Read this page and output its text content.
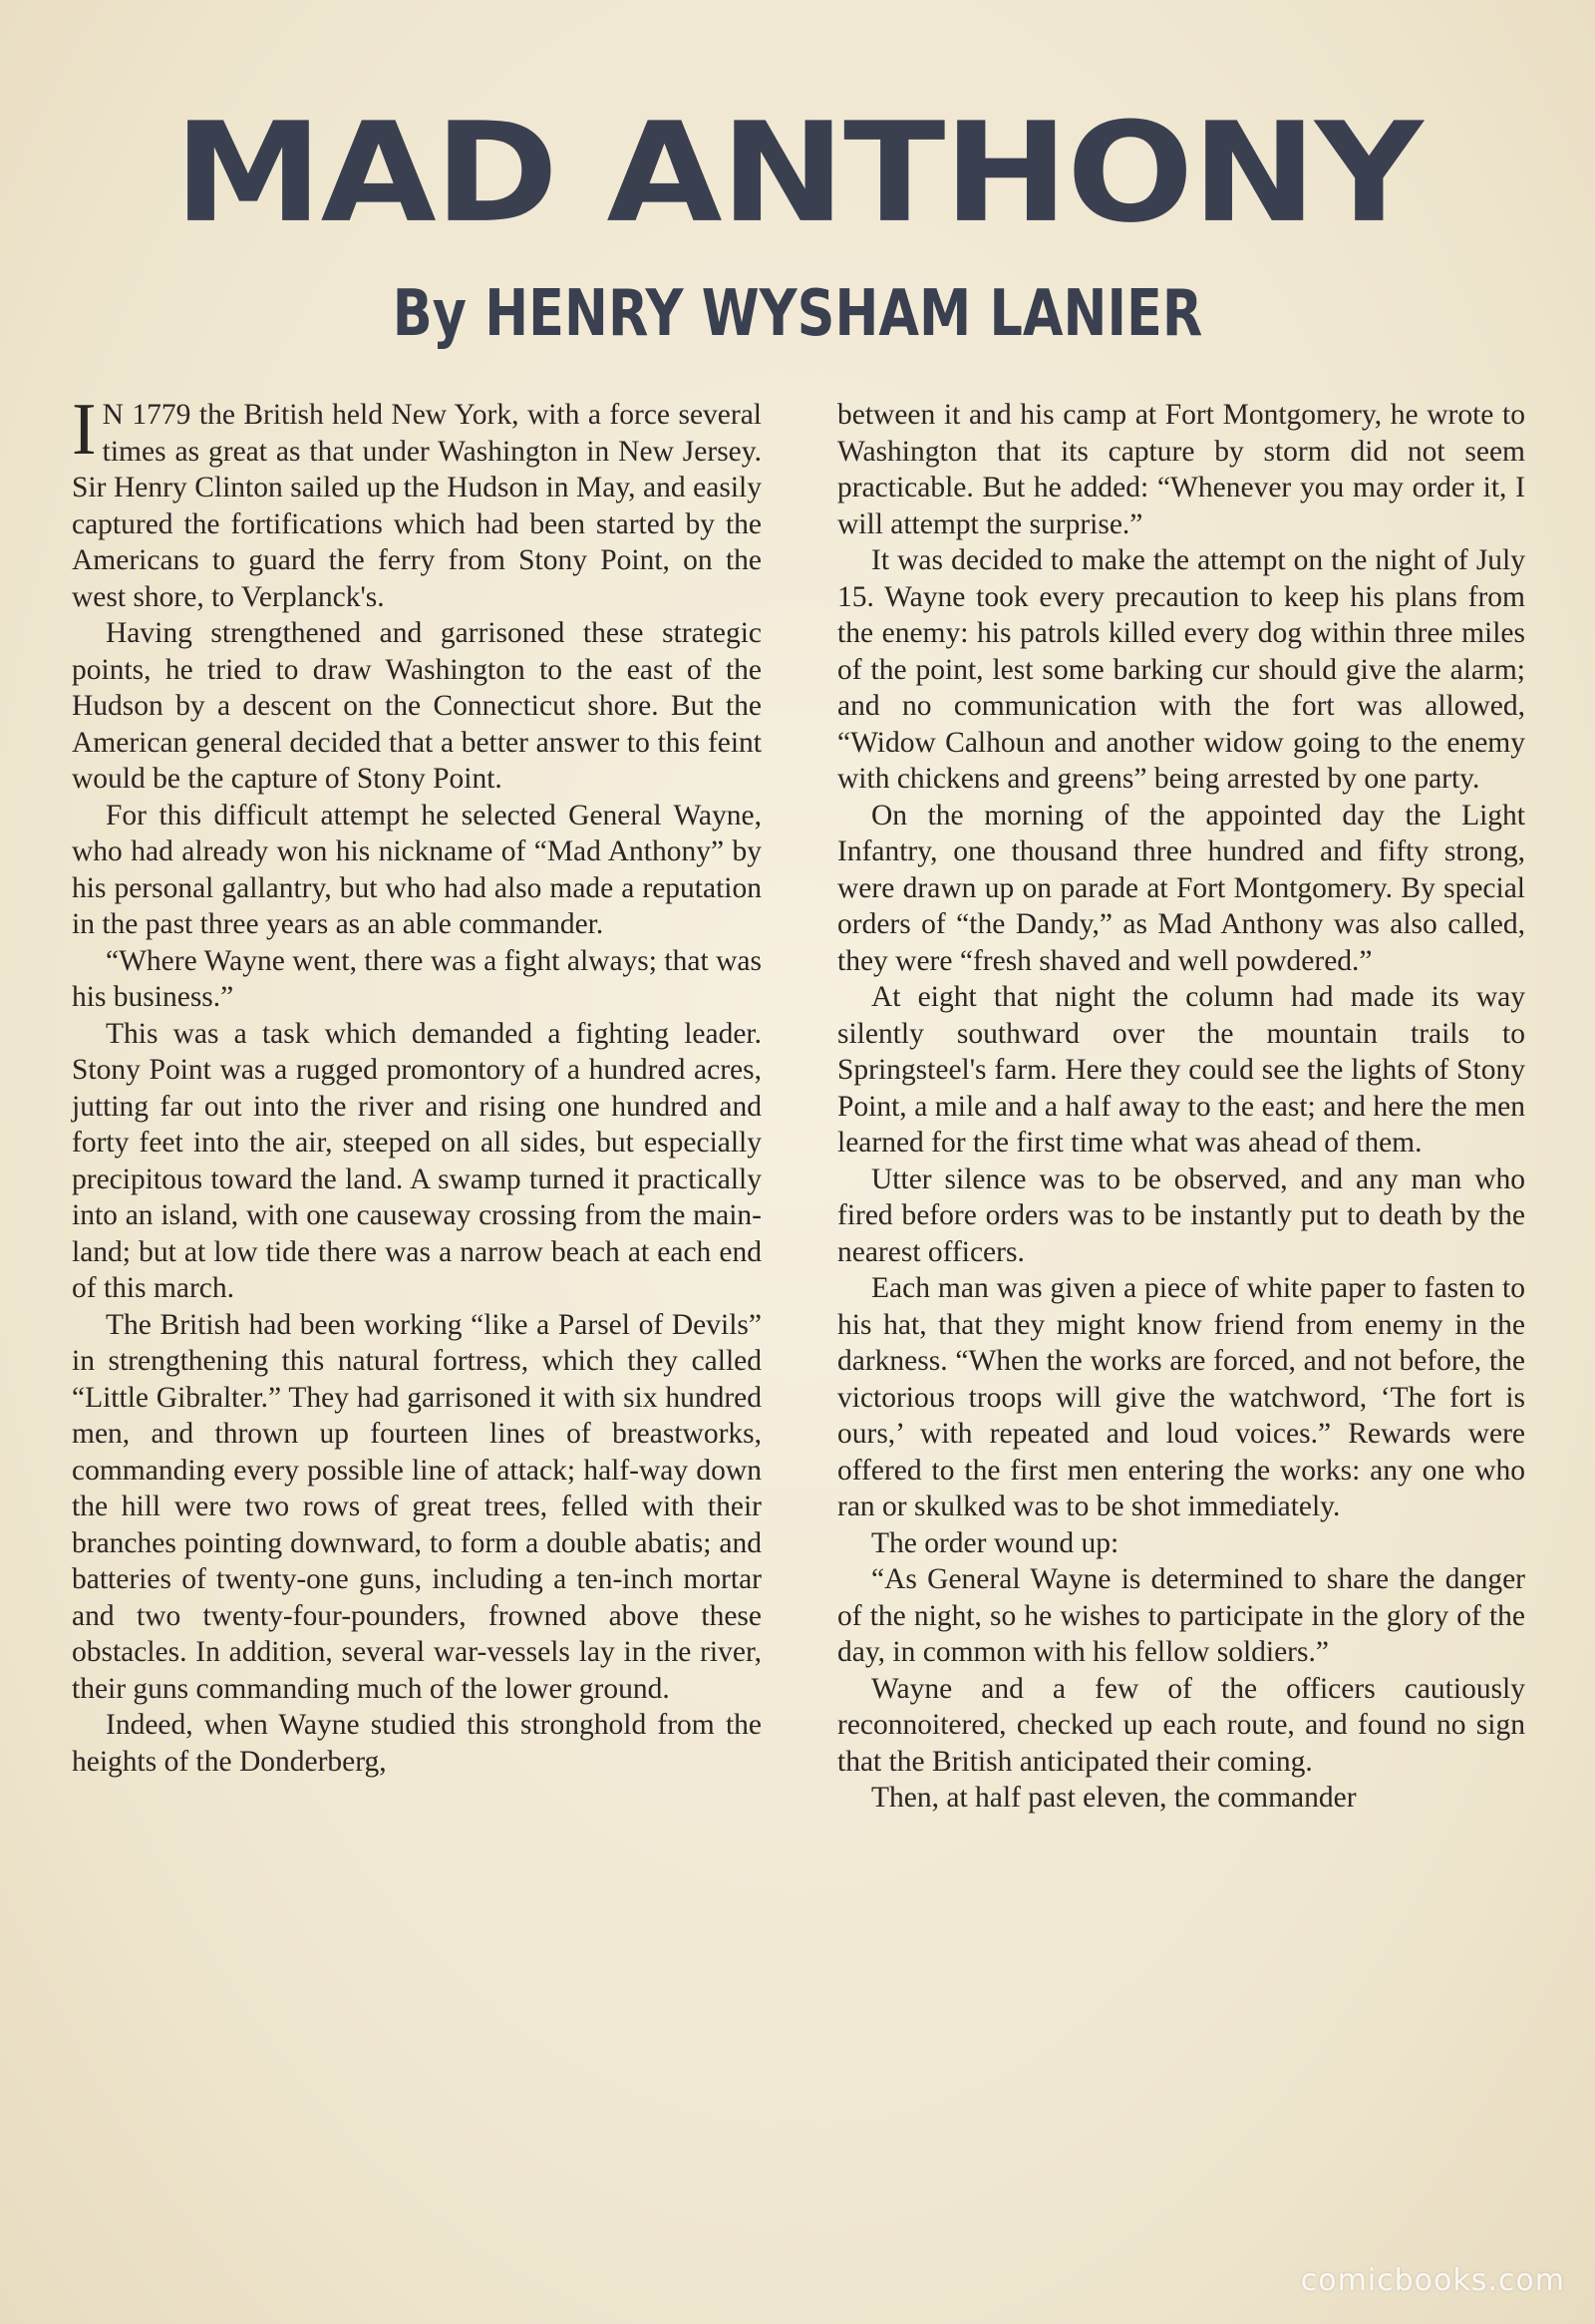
MAD ANTHONY
By HENRY WYSHAM LANIER

I N 1779 the British held New York, with a force several times as great as that under Washington in New Jersey. Sir Henry Clinton sailed up the Hudson in May, and easily captured the fortifications which had been started by the Americans to guard the ferry from Stony Point, on the west shore, to Verplanck's.

Having strengthened and garrisoned these strategic points, he tried to draw Washington to the east of the Hudson by a descent on the Connecticut shore. But the American general decided that a better answer to this feint would be the capture of Stony Point.

For this difficult attempt he selected General Wayne, who had already won his nickname of “Mad Anthony” by his personal gallantry, but who had also made a reputation in the past three years as an able commander.

“Where Wayne went, there was a fight always; that was his business.”

This was a task which demanded a fighting leader. Stony Point was a rugged promontory of a hundred acres, jutting far out into the river and rising one hundred and forty feet into the air, steeped on all sides, but especially precipitous toward the land. A swamp turned it practically into an island, with one causeway crossing from the mainland; but at low tide there was a narrow beach at each end of this march.

The British had been working “like a Parsel of Devils” in strengthening this natural fortress, which they called “Little Gibralter.” They had garrisoned it with six hundred men, and thrown up fourteen lines of breastworks, commanding every possible line of attack; half-way down the hill were two rows of great trees, felled with their branches pointing downward, to form a double abatis; and batteries of twenty-one guns, including a ten-inch mortar and two twenty-four-pounders, frowned above these obstacles. In addition, several war-vessels lay in the river, their guns commanding much of the lower ground.

Indeed, when Wayne studied this stronghold from the heights of the Donderberg,

between it and his camp at Fort Montgomery, he wrote to Washington that its capture by storm did not seem practicable. But he added: “Whenever you may order it, I will attempt the surprise.”

It was decided to make the attempt on the night of July 15. Wayne took every precaution to keep his plans from the enemy: his patrols killed every dog within three miles of the point, lest some barking cur should give the alarm; and no communication with the fort was allowed, “Widow Calhoun and another widow going to the enemy with chickens and greens” being arrested by one party.

On the morning of the appointed day the Light Infantry, one thousand three hundred and fifty strong, were drawn up on parade at Fort Montgomery. By special orders of “the Dandy,” as Mad Anthony was also called, they were “fresh shaved and well powdered.”

At eight that night the column had made its way silently southward over the mountain trails to Springsteel's farm. Here they could see the lights of Stony Point, a mile and a half away to the east; and here the men learned for the first time what was ahead of them.

Utter silence was to be observed, and any man who fired before orders was to be instantly put to death by the nearest officers.

Each man was given a piece of white paper to fasten to his hat, that they might know friend from enemy in the darkness. “When the works are forced, and not before, the victorious troops will give the watchword, ‘The fort is ours,’ with repeated and loud voices.” Rewards were offered to the first men entering the works: any one who ran or skulked was to be shot immediately.

The order wound up:

“As General Wayne is determined to share the danger of the night, so he wishes to participate in the glory of the day, in common with his fellow soldiers.”

Wayne and a few of the officers cautiously reconnoitered, checked up each route, and found no sign that the British anticipated their coming.

Then, at half past eleven, the commander

comicbooks.com
